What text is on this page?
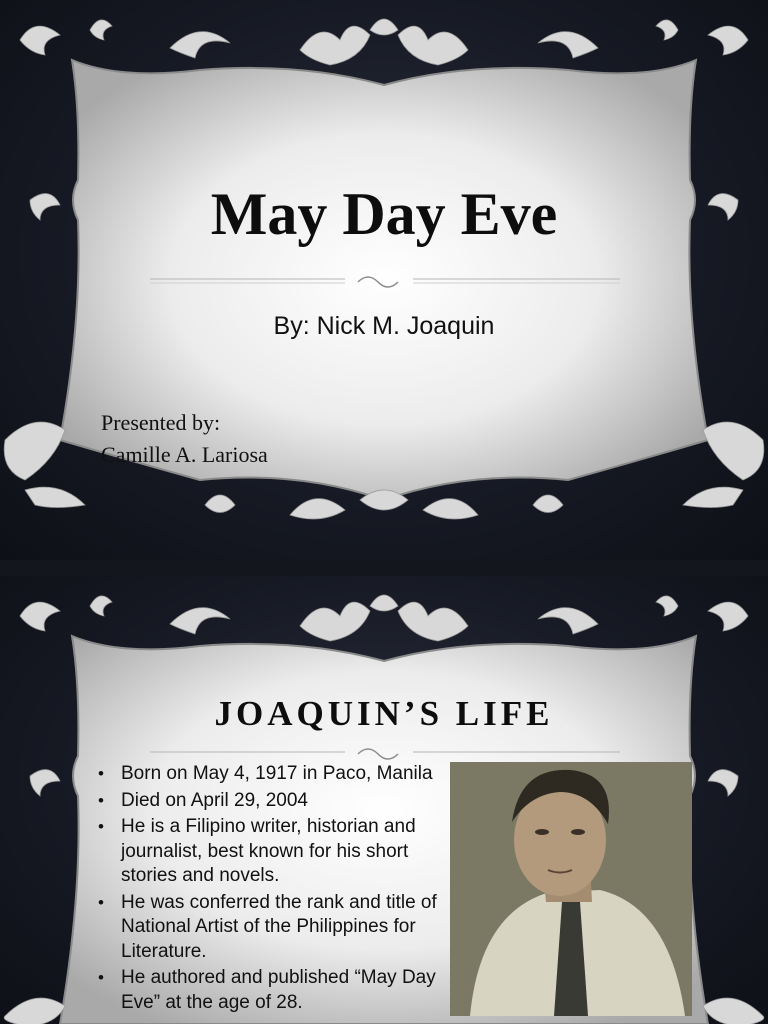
May Day Eve
By: Nick M. Joaquin
Presented by:
Camille A. Lariosa
JOAQUIN’S LIFE
• Born on May 4, 1917 in Paco, Manila
• Died on April 29, 2004
• He is a Filipino writer, historian and journalist, best known for his short stories and novels.
• He was conferred the rank and title of National Artist of the Philippines for Literature.
• He authored and published “May Day Eve” at the age of 28.
